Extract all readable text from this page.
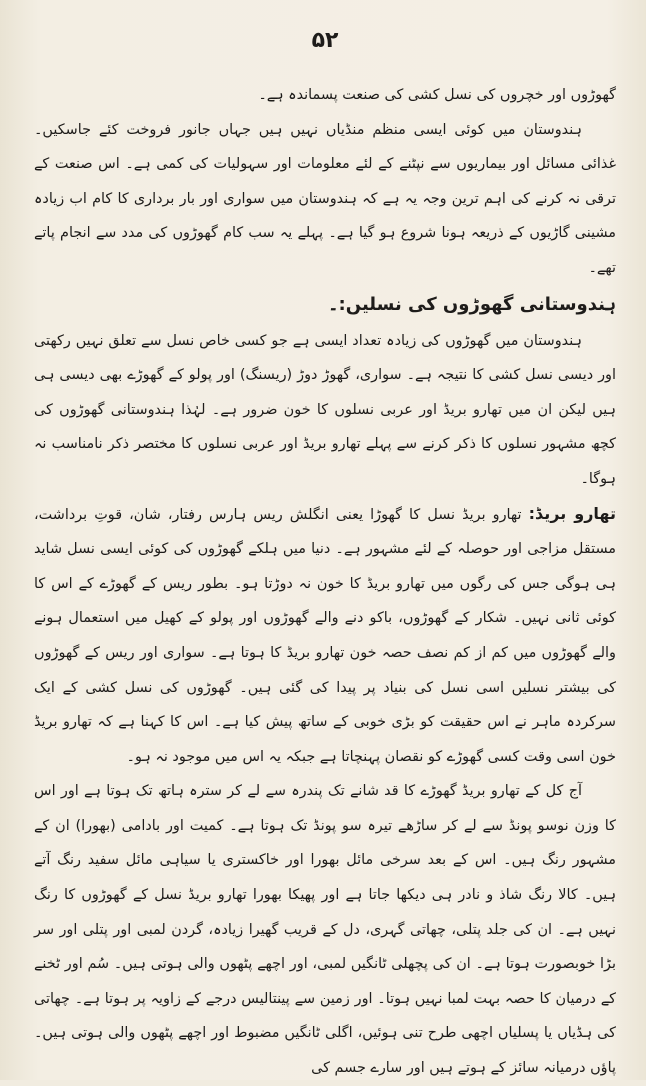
۵۲

گھوڑوں اور خچروں کی نسل کشی کی صنعت پسماندہ ہے۔

ہندوستان میں کوئی ایسی منظم منڈیاں نہیں ہیں جہاں جانور فروخت کئے جاسکیں۔ غذائی مسائل اور بیماریوں سے نپٹنے کے لئے معلومات اور سہولیات کی کمی ہے۔ اس صنعت کے ترقی نہ کرنے کی اہم ترین وجہ یہ ہے کہ ہندوستان میں سواری اور بار برداری کا کام اب زیادہ مشینی گاڑیوں کے ذریعہ ہونا شروع ہو گیا ہے۔ پہلے یہ سب کام گھوڑوں کی مدد سے انجام پاتے تھے۔

ہندوستانی گھوڑوں کی نسلیں:۔

ہندوستان میں گھوڑوں کی زیادہ تعداد ایسی ہے جو کسی خاص نسل سے تعلق نہیں رکھتی اور دیسی نسل کشی کا نتیجہ ہے۔ سواری، گھوڑ دوڑ (ریسنگ) اور پولو کے گھوڑے بھی دیسی ہی ہیں لیکن ان میں تھارو بریڈ اور عربی نسلوں کا خون ضرور ہے۔ لہٰذا ہندوستانی گھوڑوں کی کچھ مشہور نسلوں کا ذکر کرنے سے پہلے تھارو بریڈ اور عربی نسلوں کا مختصر ذکر نامناسب نہ ہوگا۔

تھارو بریڈ: تھارو بریڈ نسل کا گھوڑا یعنی انگلش ریس ہارس رفتار، شان، قوتِ برداشت، مستقل مزاجی اور حوصلہ کے لئے مشہور ہے۔ دنیا میں ہلکے گھوڑوں کی کوئی ایسی نسل شاید ہی ہوگی جس کی رگوں میں تھارو بریڈ کا خون نہ دوڑتا ہو۔ بطور ریس کے گھوڑے کے اس کا کوئی ثانی نہیں۔ شکار کے گھوڑوں، باکو دنے والے گھوڑوں اور پولو کے کھیل میں استعمال ہونے والے گھوڑوں میں کم از کم نصف حصہ خون تھارو بریڈ کا ہوتا ہے۔ سواری اور ریس کے گھوڑوں کی بیشتر نسلیں اسی نسل کی بنیاد پر پیدا کی گئی ہیں۔ گھوڑوں کی نسل کشی کے ایک سرکردہ ماہر نے اس حقیقت کو بڑی خوبی کے ساتھ پیش کیا ہے۔ اس کا کہنا ہے کہ تھارو بریڈ خون اسی وقت کسی گھوڑے کو نقصان پہنچاتا ہے جبکہ یہ اس میں موجود نہ ہو۔

آج کل کے تھارو بریڈ گھوڑے کا قد شانے تک پندرہ سے لے کر سترہ ہاتھ تک ہوتا ہے اور اس کا وزن نوسو پونڈ سے لے کر ساڑھے تیرہ سو پونڈ تک ہوتا ہے۔ کمیت اور بادامی (بھورا) ان کے مشہور رنگ ہیں۔ اس کے بعد سرخی مائل بھورا اور خاکستری یا سیاہی مائل سفید رنگ آتے ہیں۔ کالا رنگ شاذ و نادر ہی دیکھا جاتا ہے اور پھیکا بھورا تھارو بریڈ نسل کے گھوڑوں کا رنگ نہیں ہے۔ ان کی جلد پتلی، چھاتی گہری، دل کے قریب گھیرا زیادہ، گردن لمبی اور پتلی اور سر بڑا خوبصورت ہوتا ہے۔ ان کی پچھلی ٹانگیں لمبی، اور اچھے پٹھوں والی ہوتی ہیں۔ سُم اور ٹخنے کے درمیان کا حصہ بہت لمبا نہیں ہوتا۔ اور زمین سے پینتالیس درجے کے زاویہ پر ہوتا ہے۔ چھاتی کی ہڈیاں یا پسلیاں اچھی طرح تنی ہوئیں، اگلی ٹانگیں مضبوط اور اچھے پٹھوں والی ہوتی ہیں۔ پاؤں درمیانہ سائز کے ہوتے ہیں اور سارے جسم کی
